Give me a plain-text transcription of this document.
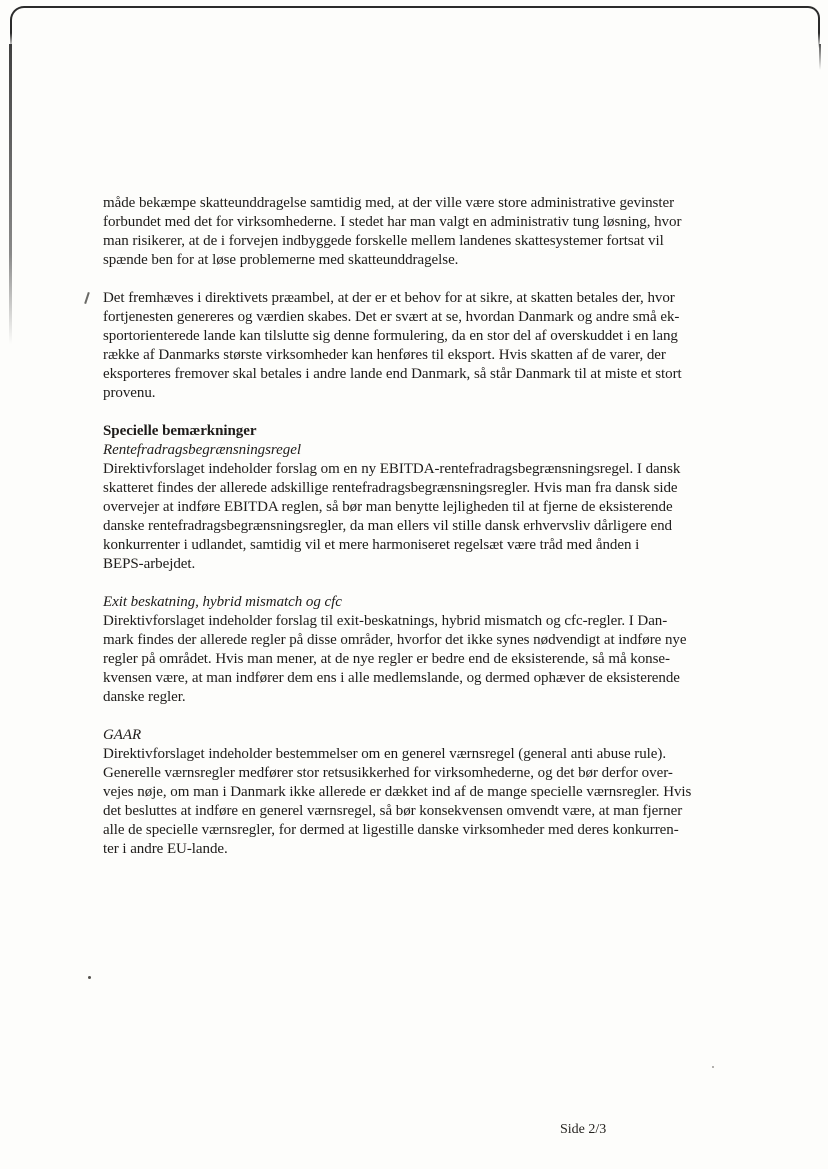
måde bekæmpe skatteunddragelse samtidig med, at der ville være store administrative gevinster
forbundet med det for virksomhederne. I stedet har man valgt en administrativ tung løsning, hvor
man risikerer, at de i forvejen indbyggede forskelle mellem landenes skattesystemer fortsat vil
spænde ben for at løse problemerne med skatteunddragelse.

Det fremhæves i direktivets præambel, at der er et behov for at sikre, at skatten betales der, hvor
fortjenesten genereres og værdien skabes. Det er svært at se, hvordan Danmark og andre små ek-
sportorienterede lande kan tilslutte sig denne formulering, da en stor del af overskuddet i en lang
række af Danmarks største virksomheder kan henføres til eksport. Hvis skatten af de varer, der
eksporteres fremover skal betales i andre lande end Danmark, så står Danmark til at miste et stort
provenu.

Specielle bemærkninger

Rentefradragsbegrænsningsregel

Direktivforslaget indeholder forslag om en ny EBITDA-rentefradragsbegrænsningsregel. I dansk
skatteret findes der allerede adskillige rentefradragsbegrænsningsregler. Hvis man fra dansk side
overvejer at indføre EBITDA reglen, så bør man benytte lejligheden til at fjerne de eksisterende
danske rentefradragsbegrænsningsregler, da man ellers vil stille dansk erhvervsliv dårligere end
konkurrenter i udlandet, samtidig vil et mere harmoniseret regelsæt være tråd med ånden i
BEPS-arbejdet.

Exit beskatning, hybrid mismatch og cfc

Direktivforslaget indeholder forslag til exit-beskatnings, hybrid mismatch og cfc-regler. I Dan-
mark findes der allerede regler på disse områder, hvorfor det ikke synes nødvendigt at indføre nye
regler på området. Hvis man mener, at de nye regler er bedre end de eksisterende, så må konse-
kvensen være, at man indfører dem ens i alle medlemslande, og dermed ophæver de eksisterende
danske regler.

GAAR

Direktivforslaget indeholder bestemmelser om en generel værnsregel (general anti abuse rule).
Generelle værnsregler medfører stor retsusikkerhed for virksomhederne, og det bør derfor over-
vejes nøje, om man i Danmark ikke allerede er dækket ind af de mange specielle værnsregler. Hvis
det besluttes at indføre en generel værnsregel, så bør konsekvensen omvendt være, at man fjerner
alle de specielle værnsregler, for dermed at ligestille danske virksomheder med deres konkurren-
ter i andre EU-lande.

Side 2/3
